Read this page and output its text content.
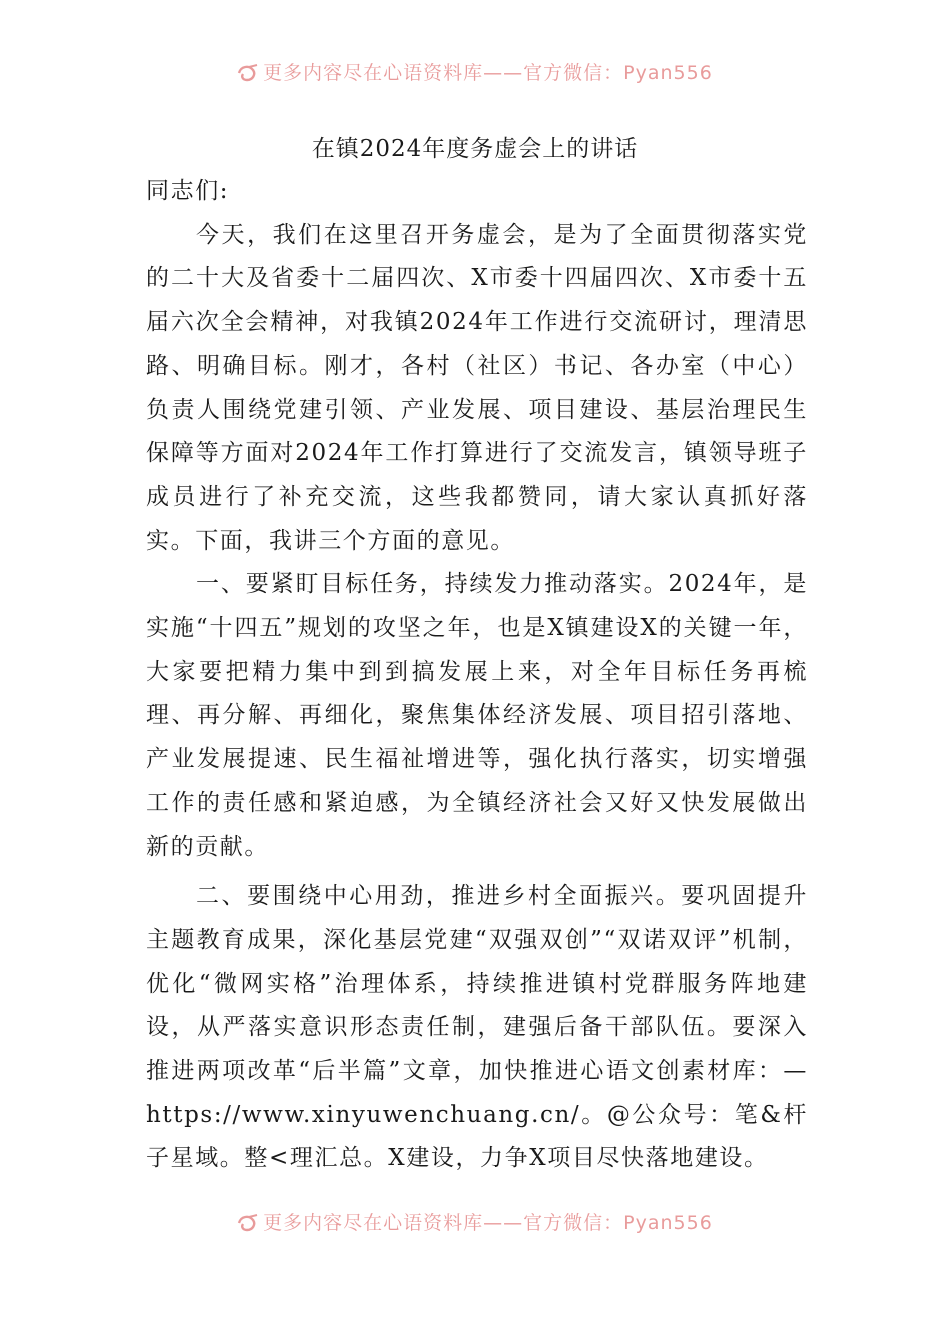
更多内容尽在心语资料库——官方微信：Pyan556
在镇2024年度务虚会上的讲话

同志们:

今天，我们在这里召开务虚会，是为了全面贯彻落实党的二十大及省委十二届四次、X市委十四届四次、X市委十五届六次全会精神，对我镇2024年工作进行交流研讨，理清思路、明确目标。刚才，各村（社区）书记、各办室（中心）负责人围绕党建引领、产业发展、项目建设、基层治理民生保障等方面对2024年工作打算进行了交流发言，镇领导班子成员进行了补充交流，这些我都赞同，请大家认真抓好落实。下面，我讲三个方面的意见。

一、要紧盯目标任务，持续发力推动落实。2024年，是实施“十四五”规划的攻坚之年，也是X镇建设X的关键一年，大家要把精力集中到到搞发展上来，对全年目标任务再梳理、再分解、再细化，聚焦集体经济发展、项目招引落地、产业发展提速、民生福祉增进等，强化执行落实，切实增强工作的责任感和紧迫感，为全镇经济社会又好又快发展做出新的贡献。

二、要围绕中心用劲，推进乡村全面振兴。要巩固提升主题教育成果，深化基层党建“双强双创”“双诺双评”机制，优化“微网实格”治理体系，持续推进镇村党群服务阵地建设，从严落实意识形态责任制，建强后备干部队伍。要深入推进两项改革“后半篇”文章，加快推进心语文创素材库：—https://www.xinyuwenchuang.cn/。@公众号：笔&杆子星域。整<理汇总。X建设，力争X项目尽快落地建设。

更多内容尽在心语资料库——官方微信：Pyan556
